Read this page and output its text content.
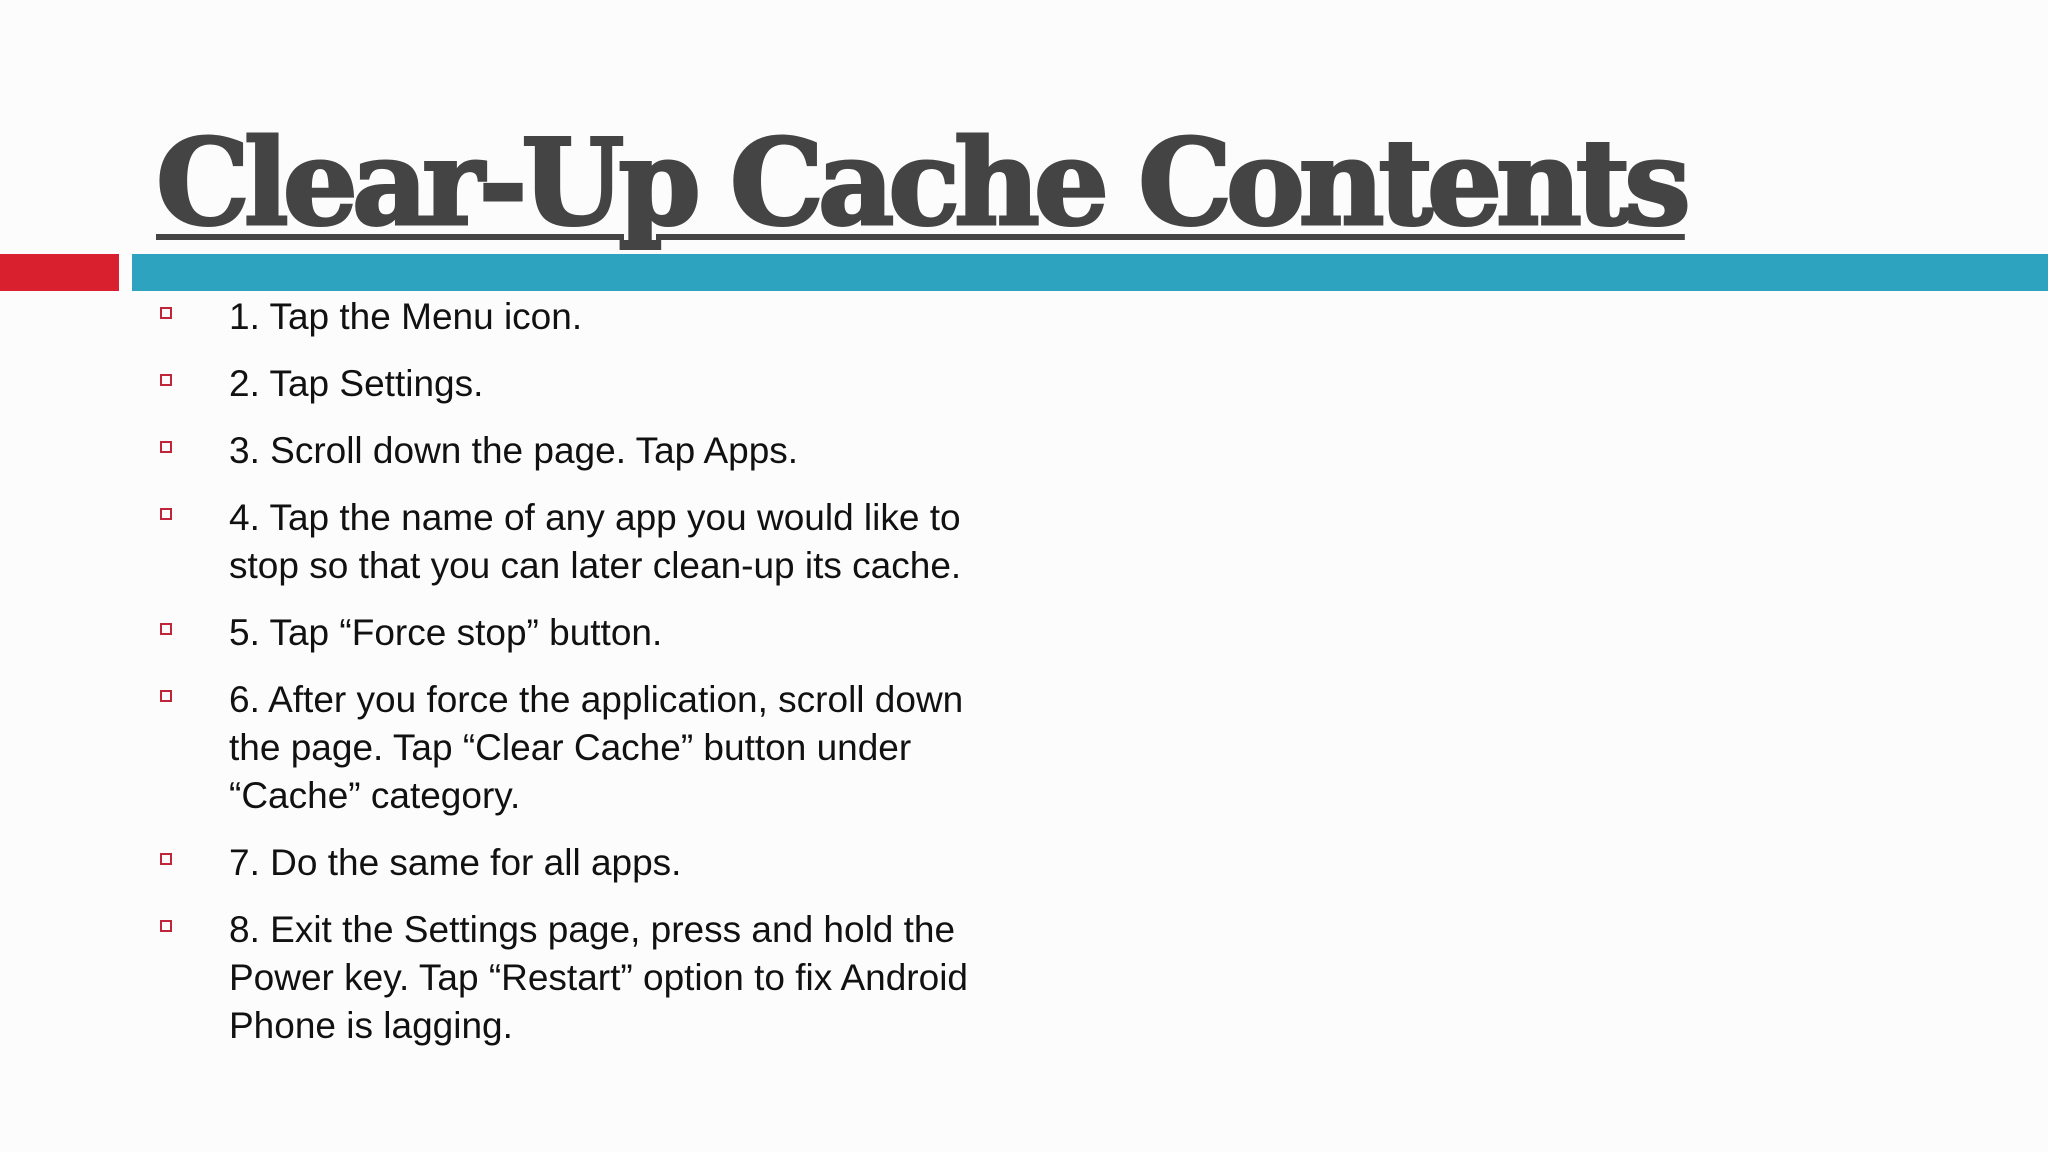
Clear-Up Cache Contents
1. Tap the Menu icon.
2. Tap Settings.
3. Scroll down the page. Tap Apps.
4. Tap the name of any app you would like to stop so that you can later clean-up its cache.
5. Tap “Force stop” button.
6. After you force the application, scroll down the page. Tap “Clear Cache” button under “Cache” category.
7. Do the same for all apps.
8. Exit the Settings page, press and hold the Power key. Tap “Restart” option to fix Android Phone is lagging.
